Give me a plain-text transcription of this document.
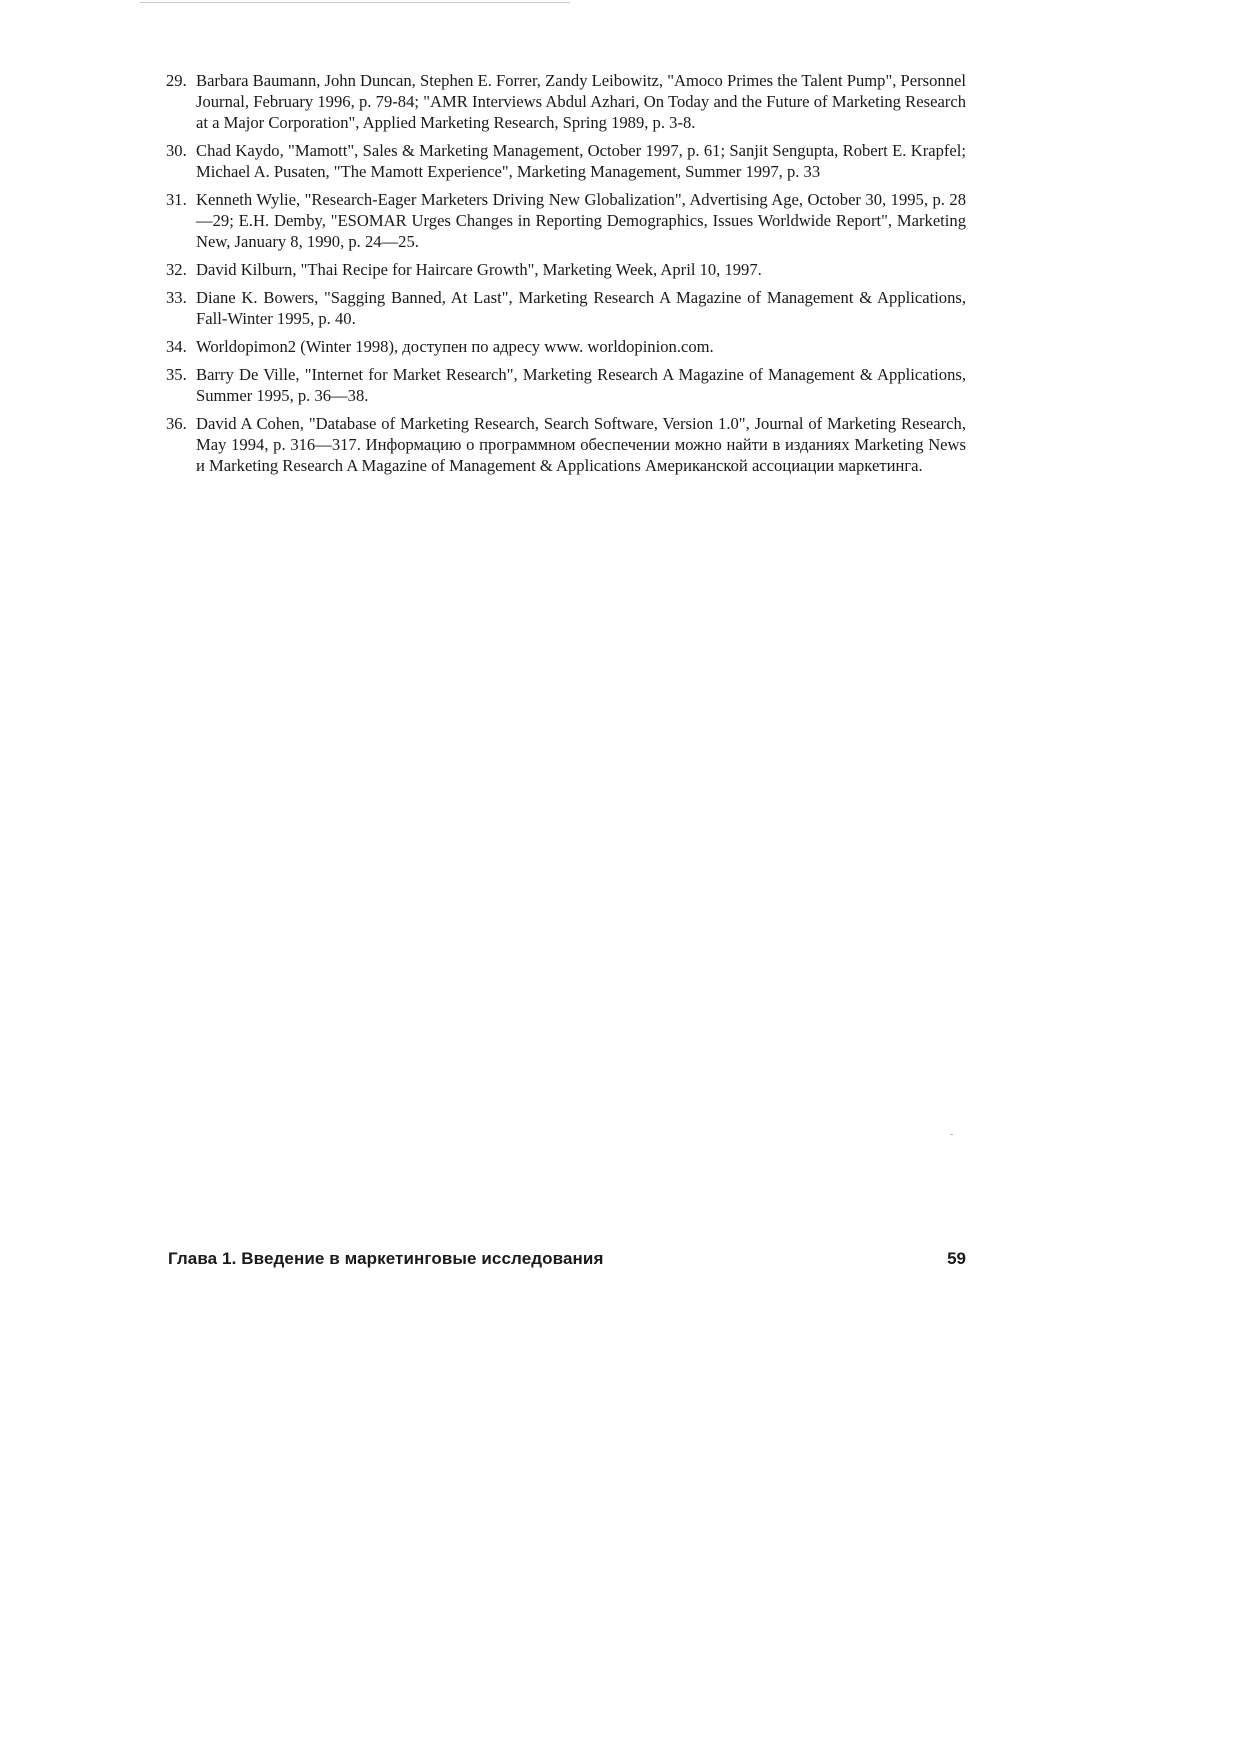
29. Barbara Baumann, John Duncan, Stephen E. Forrer, Zandy Leibowitz, "Amoco Primes the Talent Pump", Personnel Journal, February 1996, p. 79-84; "AMR Interviews Abdul Azhari, On Today and the Future of Marketing Research at a Major Corporation", Applied Marketing Research, Spring 1989, p. 3-8.
30. Chad Kaydo, "Mamott", Sales & Marketing Management, October 1997, p. 61; Sanjit Sengupta, Robert E. Krapfel; Michael A. Pusaten, "The Mamott Experience", Marketing Management, Summer 1997, p. 33
31. Kenneth Wylie, "Research-Eager Marketers Driving New Globalization", Advertising Age, October 30, 1995, p. 28—29; E.H. Demby, "ESOMAR Urges Changes in Reporting Demographics, Issues Worldwide Report", Marketing New, January 8, 1990, p. 24—25.
32. David Kilburn, "Thai Recipe for Haircare Growth", Marketing Week, April 10, 1997.
33. Diane K. Bowers, "Sagging Banned, At Last", Marketing Research A Magazine of Management & Applications, Fall-Winter 1995, p. 40.
34. Worldopimon2 (Winter 1998), доступен по адресу www. worldopinion.com.
35. Barry De Ville, "Internet for Market Research", Marketing Research A Magazine of Management & Applications, Summer 1995, p. 36—38.
36. David A Cohen, "Database of Marketing Research, Search Software, Version 1.0", Journal of Marketing Research, May 1994, p. 316—317. Информацию о программном обеспечении можно найти в изданиях Marketing News и Marketing Research A Magazine of Management & Applications Американской ассоциации маркетинга.
Глава 1. Введение в маркетинговые исследования	59
